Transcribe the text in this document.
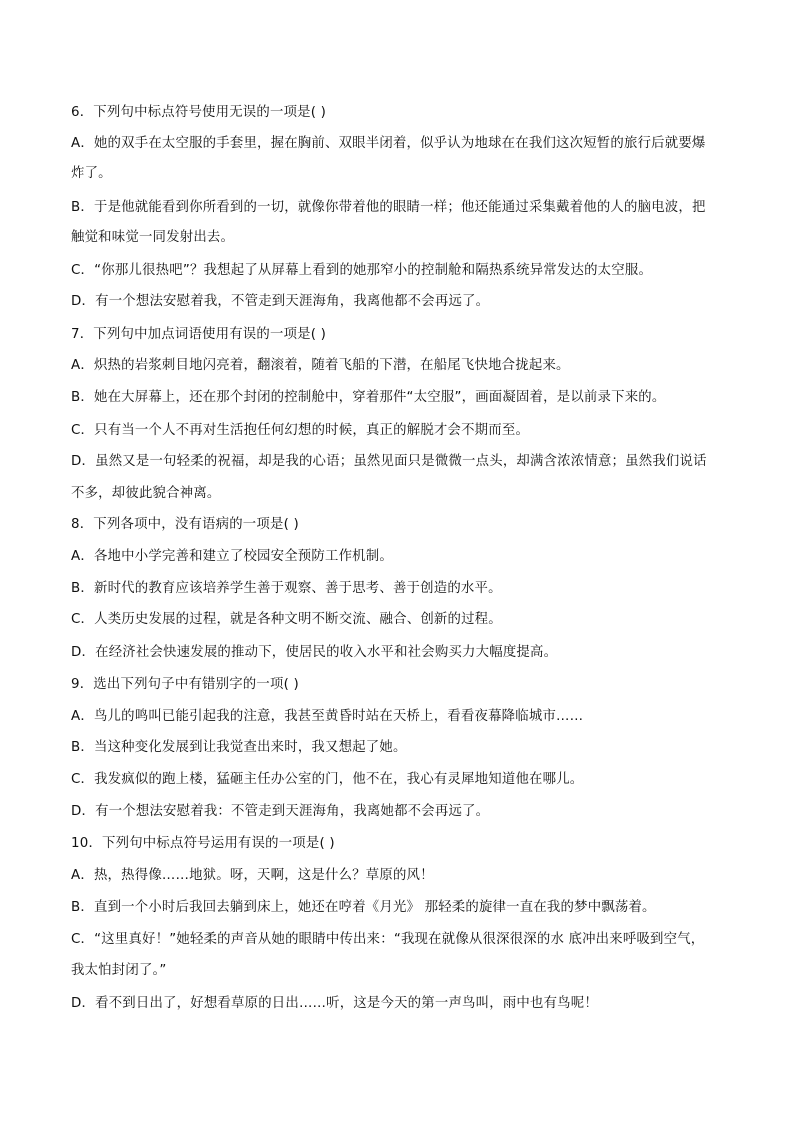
6．下列句中标点符号使用无误的一项是( )
A．她的双手在太空服的手套里，握在胸前、双眼半闭着，似乎认为地球在在我们这次短暂的旅行后就要爆
炸了。
B．于是他就能看到你所看到的一切，就像你带着他的眼睛一样；他还能通过采集戴着他的人的脑电波，把
触觉和味觉一同发射出去。
C．“你那儿很热吧”？我想起了从屏幕上看到的她那窄小的控制舱和隔热系统异常发达的太空服。
D．有一个想法安慰着我，不管走到天涯海角，我离他都不会再远了。
7．下列句中加点词语使用有误的一项是( )
A．炽热的岩浆刺目地闪亮着，翻滚着，随着飞船的下潜，在船尾飞快地合拢起来。
B．她在大屏幕上，还在那个封闭的控制舱中，穿着那件“太空服”，画面凝固着，是以前录下来的。
C．只有当一个人不再对生活抱任何幻想的时候，真正的解脱才会不期而至。
D．虽然又是一句轻柔的祝福，却是我的心语；虽然见面只是微微一点头，却满含浓浓情意；虽然我们说话
不多，却彼此貌合神离。
8．下列各项中，没有语病的一项是( )
A．各地中小学完善和建立了校园安全预防工作机制。
B．新时代的教育应该培养学生善于观察、善于思考、善于创造的水平。
C．人类历史发展的过程，就是各种文明不断交流、融合、创新的过程。
D．在经济社会快速发展的推动下，使居民的收入水平和社会购买力大幅度提高。
9．选出下列句子中有错别字的一项( )
A．鸟儿的鸣叫已能引起我的注意，我甚至黄昏时站在天桥上，看看夜幕降临城市……
B．当这种变化发展到让我觉查出来时，我又想起了她。
C．我发疯似的跑上楼，猛砸主任办公室的门，他不在，我心有灵犀地知道他在哪儿。
D．有一个想法安慰着我：不管走到天涯海角，我离她都不会再远了。
10．下列句中标点符号运用有误的一项是( )
A．热，热得像……地狱。呀，天啊，这是什么？草原的风！
B．直到一个小时后我回去躺到床上，她还在哼着《月光》 那轻柔的旋律一直在我的梦中飘荡着。
C．“这里真好！”她轻柔的声音从她的眼睛中传出来：“我现在就像从很深很深的水 底冲出来呼吸到空气，
我太怕封闭了。”
D．看不到日出了，好想看草原的日出……听，这是今天的第一声鸟叫，雨中也有鸟呢！
